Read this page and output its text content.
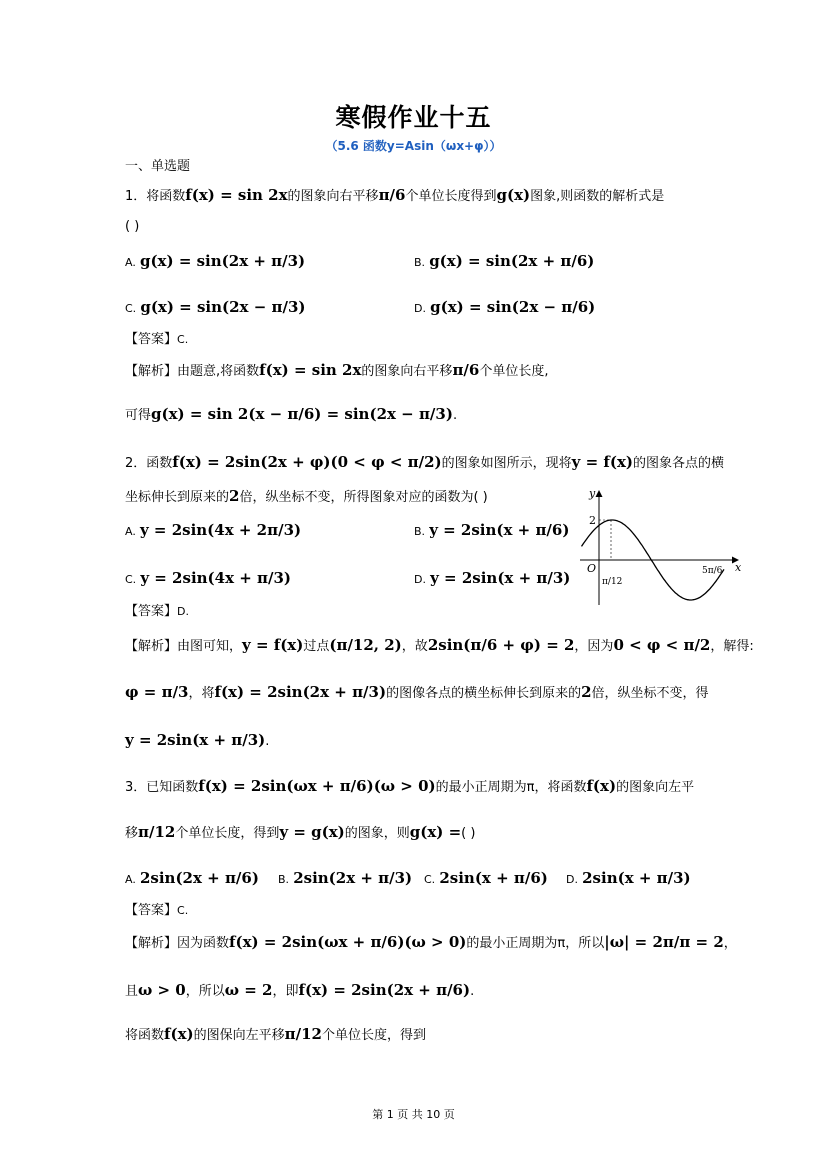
寒假作业十五
（5.6 函数y=Asin（ωx+φ））
一、单选题
1．将函数f(x) = sin 2x的图象向右平移π/6个单位长度得到g(x)图象,则函数的解析式是
( )
A. g(x) = sin(2x + π/3)	B. g(x) = sin(2x + π/6)
C. g(x) = sin(2x − π/3)	D. g(x) = sin(2x − π/6)
【答案】C.
【解析】由题意,将函数f(x) = sin 2x的图象向右平移π/6个单位长度,
可得g(x) = sin 2(x − π/6) = sin(2x − π/3).
2．函数f(x) = 2sin(2x + φ)(0 < φ < π/2)的图象如图所示，现将y = f(x)的图象各点的横
坐标伸长到原来的2倍，纵坐标不变，所得图象对应的函数为( )
A. y = 2sin(4x + 2π/3)	B. y = 2sin(x + π/6)
C. y = 2sin(4x + π/3)	D. y = 2sin(x + π/3)
y
x
O
2
π/12
5π/6
【答案】D.
【解析】由图可知，y = f(x)过点(π/12, 2)，故2sin(π/6 + φ) = 2，因为0 < φ < π/2，解得:
φ = π/3，将f(x) = 2sin(2x + π/3)的图像各点的横坐标伸长到原来的2倍，纵坐标不变，得
y = 2sin(x + π/3).
3．已知函数f(x) = 2sin(ωx + π/6)(ω > 0)的最小正周期为π，将函数f(x)的图象向左平
移π/12个单位长度，得到y = g(x)的图象，则g(x) =( )
A. 2sin(2x + π/6) B. 2sin(2x + π/3) C. 2sin(x + π/6) D. 2sin(x + π/3)
【答案】C.
【解析】因为函数f(x) = 2sin(ωx + π/6)(ω > 0)的最小正周期为π，所以|ω| = 2π/π = 2，
且ω > 0，所以ω = 2，即f(x) = 2sin(2x + π/6).
将函数f(x)的图保向左平移π/12个单位长度，得到
第 1 页 共 10 页
